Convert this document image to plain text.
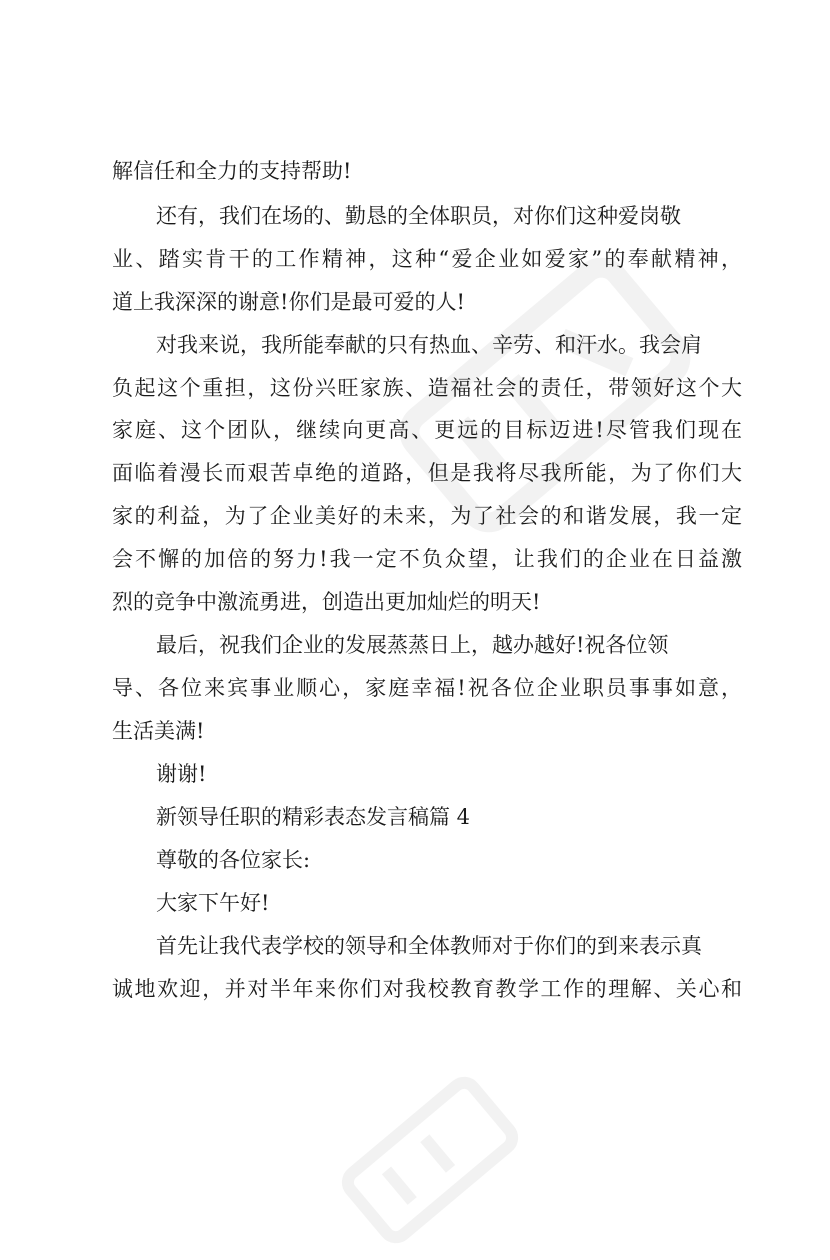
解信任和全力的支持帮助!
还有，我们在场的、勤恳的全体职员，对你们这种爱岗敬
业、踏实肯干的工作精神，这种“爱企业如爱家”的奉献精神，
道上我深深的谢意!你们是最可爱的人!
对我来说，我所能奉献的只有热血、辛劳、和汗水。我会肩
负起这个重担，这份兴旺家族、造福社会的责任，带领好这个大
家庭、这个团队，继续向更高、更远的目标迈进!尽管我们现在
面临着漫长而艰苦卓绝的道路，但是我将尽我所能，为了你们大
家的利益，为了企业美好的未来，为了社会的和谐发展，我一定
会不懈的加倍的努力!我一定不负众望，让我们的企业在日益激
烈的竞争中激流勇进，创造出更加灿烂的明天!
最后，祝我们企业的发展蒸蒸日上，越办越好!祝各位领
导、各位来宾事业顺心，家庭幸福!祝各位企业职员事事如意，
生活美满!
谢谢!
新领导任职的精彩表态发言稿篇 4
尊敬的各位家长:
大家下午好!
首先让我代表学校的领导和全体教师对于你们的到来表示真
诚地欢迎，并对半年来你们对我校教育教学工作的理解、关心和
